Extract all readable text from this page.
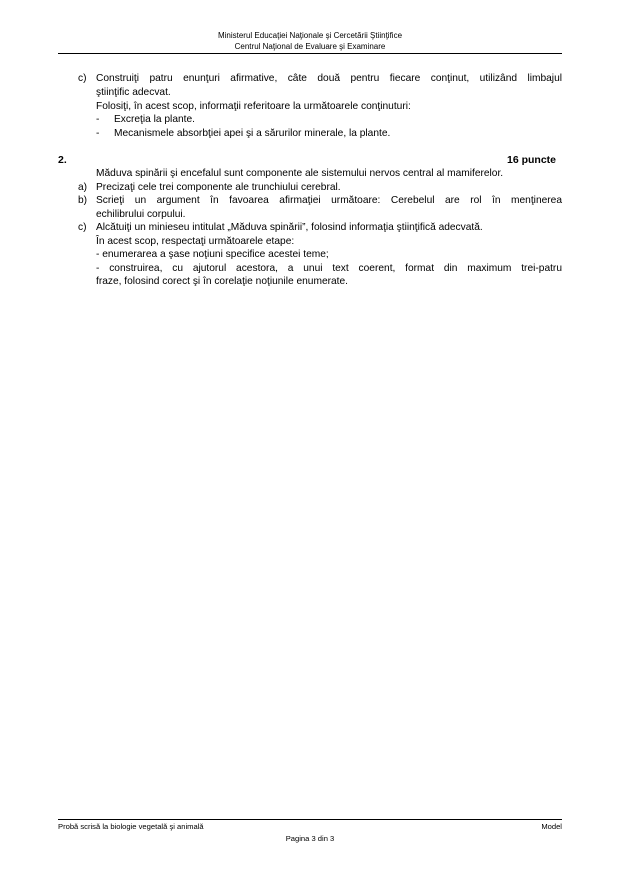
Ministerul Educaţiei Naţionale şi Cercetării Ştiinţifice
Centrul Naţional de Evaluare şi Examinare
c) Construiţi patru enunţuri afirmative, câte două pentru fiecare conţinut, utilizând limbajul
ştiinţific adecvat.
Folosiţi, în acest scop, informaţii referitoare la următoarele conţinuturi:
- Excreţia la plante.
- Mecanismele absorbţiei apei şi a sărurilor minerale, la plante.
2.	16 puncte
Măduva spinării şi encefalul sunt componente ale sistemului nervos central al mamiferelor.
a) Precizaţi cele trei componente ale trunchiului cerebral.
b) Scrieţi un argument în favoarea afirmaţiei următoare: Cerebelul are rol în menţinerea
echilibrului corpului.
c) Alcătuiţi un minieseu intitulat „Măduva spinării”, folosind informaţia ştiinţifică adecvată.
În acest scop, respectaţi următoarele etape:
- enumerarea a şase noţiuni specifice acestei teme;
- construirea, cu ajutorul acestora, a unui text coerent, format din maximum trei-patru
fraze, folosind corect şi în corelaţie noţiunile enumerate.
Probă scrisă la biologie vegetală şi animală	Model
Pagina 3 din 3
